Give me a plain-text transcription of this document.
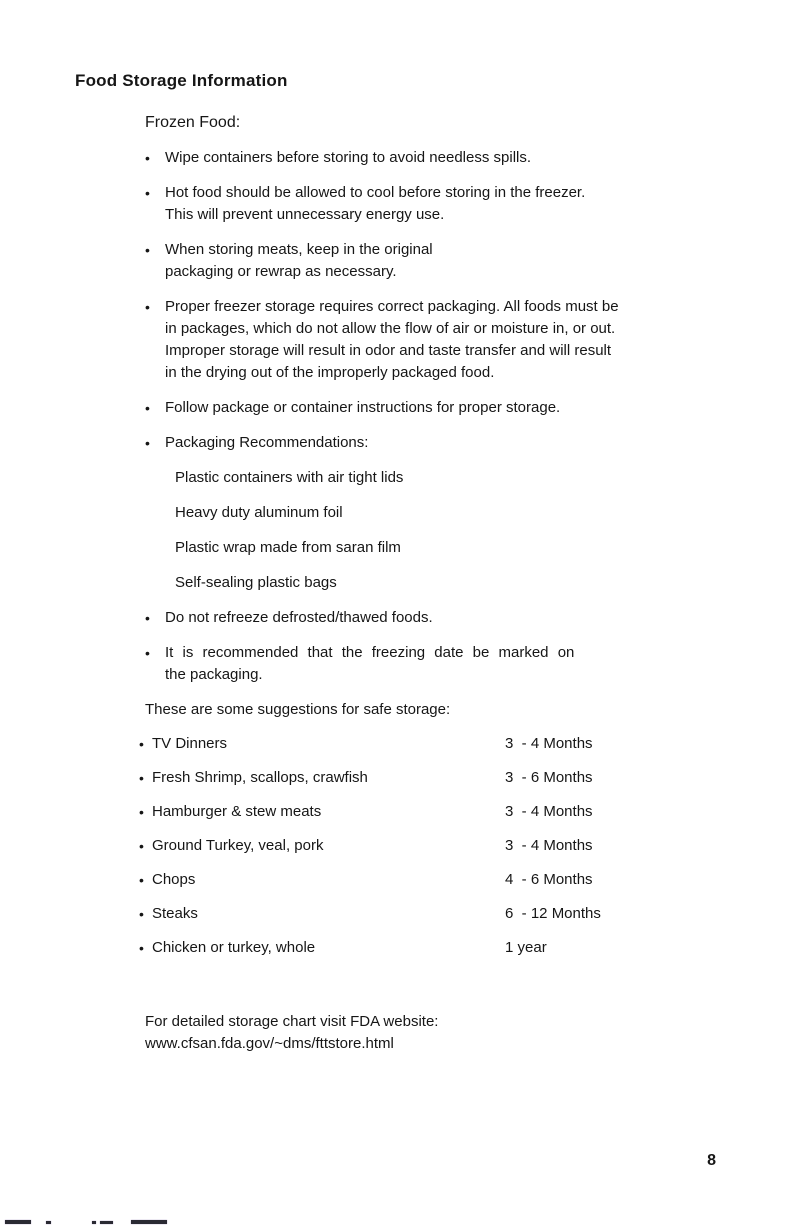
Food Storage Information
Frozen Food:
•	Wipe containers before storing to avoid needless spills.
•	Hot food should be allowed to cool before storing in the freezer.
This will prevent unnecessary energy use.
•	When storing meats, keep in the original
packaging or rewrap as necessary.
•	Proper freezer storage requires correct packaging. All foods must be
in packages, which do not allow the flow of air or moisture in, or out.
Improper storage will result in odor and taste transfer and will result
in the drying out of the improperly packaged food.
•	Follow package or container instructions for proper storage.
•	Packaging Recommendations:
Plastic containers with air tight lids
Heavy duty aluminum foil
Plastic wrap made from saran film
Self-sealing plastic bags
•	Do not refreeze defrosted/thawed foods.
•	It is recommended that the freezing date be marked on
the packaging.
These are some suggestions for safe storage:
• TV Dinners	3  - 4 Months
• Fresh Shrimp, scallops, crawfish	3  - 6 Months
• Hamburger & stew meats	3  - 4 Months
• Ground Turkey, veal, pork	3  - 4 Months
• Chops	4  - 6 Months
• Steaks	6  - 12 Months
• Chicken or turkey, whole	1 year
For detailed storage chart visit FDA website:
www.cfsan.fda.gov/~dms/fttstore.html
8
